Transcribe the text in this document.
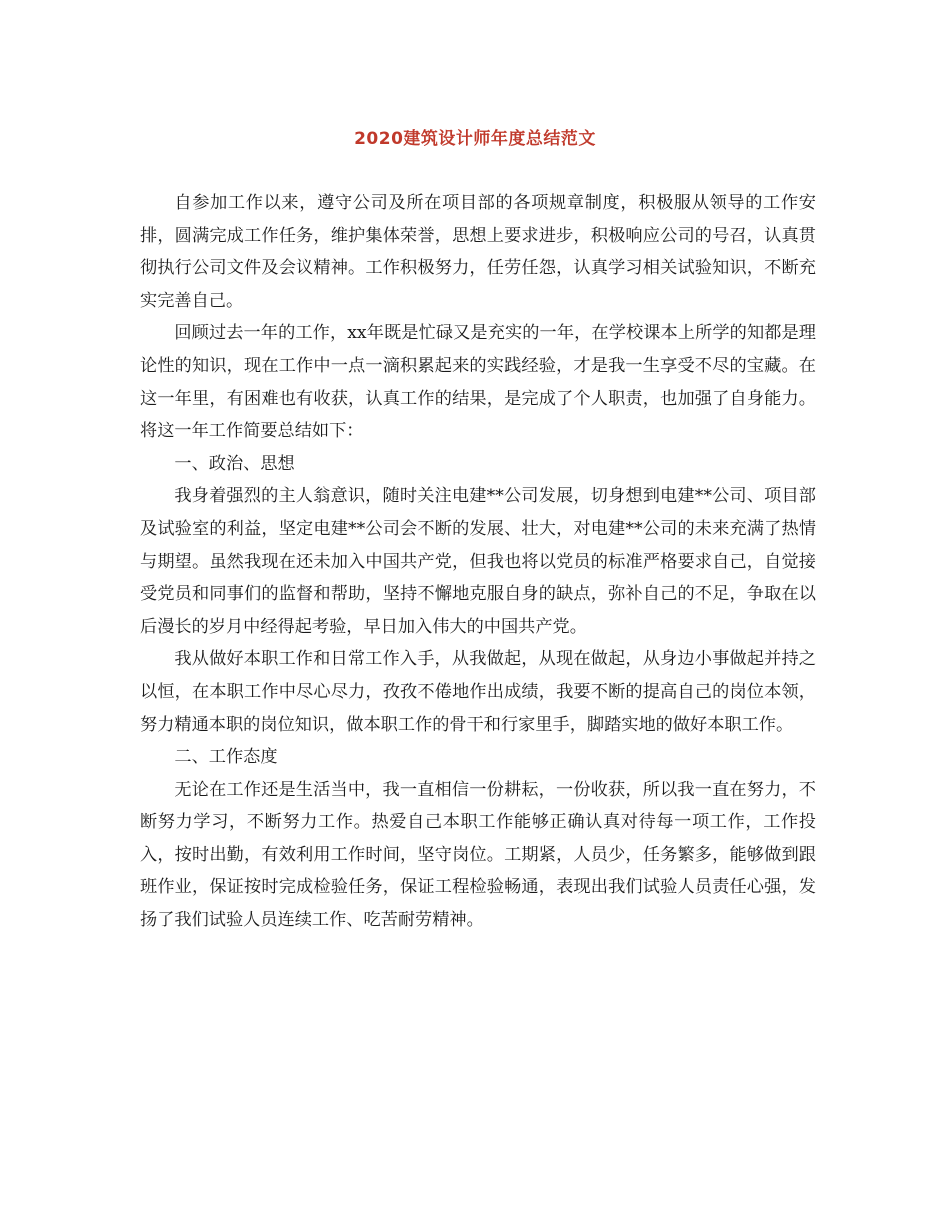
2020建筑设计师年度总结范文

自参加工作以来，遵守公司及所在项目部的各项规章制度，积极服从领导的工作安排，圆满完成工作任务，维护集体荣誉，思想上要求进步，积极响应公司的号召，认真贯彻执行公司文件及会议精神。工作积极努力，任劳任怨，认真学习相关试验知识，不断充实完善自己。

回顾过去一年的工作，xx年既是忙碌又是充实的一年，在学校课本上所学的知都是理论性的知识，现在工作中一点一滴积累起来的实践经验，才是我一生享受不尽的宝藏。在这一年里，有困难也有收获，认真工作的结果，是完成了个人职责，也加强了自身能力。将这一年工作简要总结如下：

一、政治、思想

我身着强烈的主人翁意识，随时关注电建**公司发展，切身想到电建**公司、项目部及试验室的利益，坚定电建**公司会不断的发展、壮大，对电建**公司的未来充满了热情与期望。虽然我现在还未加入中国共产党，但我也将以党员的标准严格要求自己，自觉接受党员和同事们的监督和帮助，坚持不懈地克服自身的缺点，弥补自己的不足，争取在以后漫长的岁月中经得起考验，早日加入伟大的中国共产党。

我从做好本职工作和日常工作入手，从我做起，从现在做起，从身边小事做起并持之以恒，在本职工作中尽心尽力，孜孜不倦地作出成绩，我要不断的提高自己的岗位本领，努力精通本职的岗位知识，做本职工作的骨干和行家里手，脚踏实地的做好本职工作。

二、工作态度

无论在工作还是生活当中，我一直相信一份耕耘，一份收获，所以我一直在努力，不断努力学习，不断努力工作。热爱自己本职工作能够正确认真对待每一项工作，工作投入，按时出勤，有效利用工作时间，坚守岗位。工期紧，人员少，任务繁多，能够做到跟班作业，保证按时完成检验任务，保证工程检验畅通，表现出我们试验人员责任心强，发扬了我们试验人员连续工作、吃苦耐劳精神。
